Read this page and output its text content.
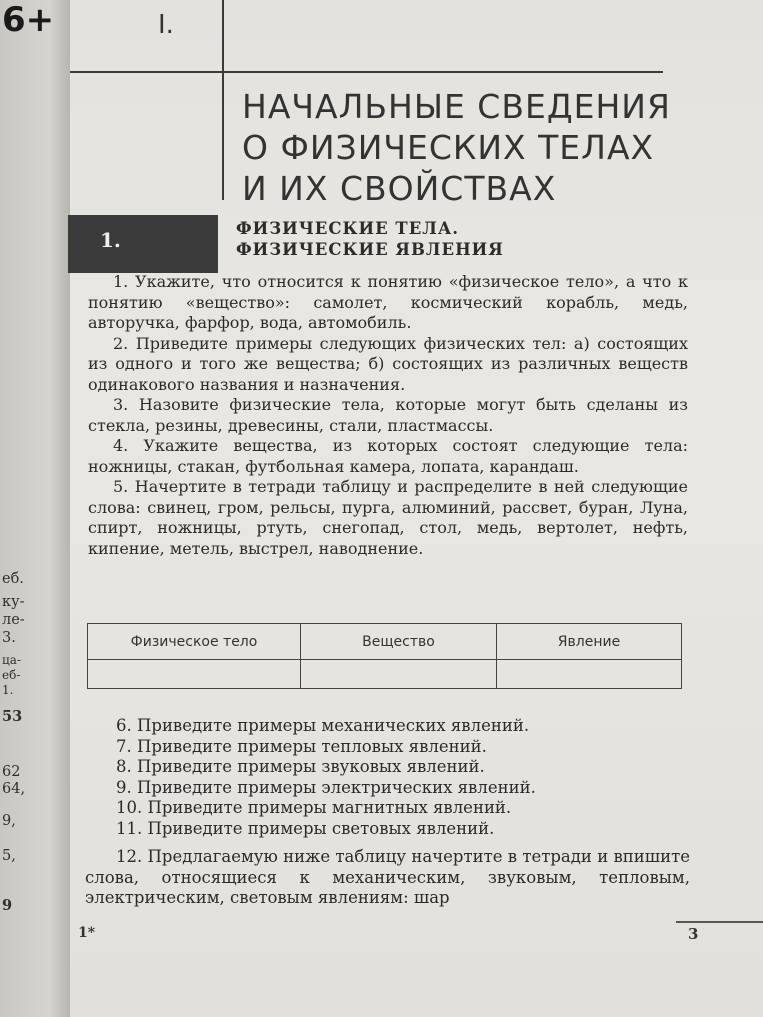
еб.
ку-
ле-
3.
ца-
еб-
1.
53
62
64,
9,
5,
9
6+	I.
НАЧАЛЬНЫЕ СВЕДЕНИЯ
О ФИЗИЧЕСКИХ ТЕЛАХ
И ИХ СВОЙСТВАХ
1.	ФИЗИЧЕСКИЕ ТЕЛА.
ФИЗИЧЕСКИЕ ЯВЛЕНИЯ

1. Укажите, что относится к понятию «физическое тело», а что к понятию «вещество»: самолет, космический корабль, медь, авторучка, фарфор, вода, автомобиль.

2. Приведите примеры следующих физических тел: а) состоящих из одного и того же вещества; б) состоящих из различных веществ одинакового названия и назначения.

3. Назовите физические тела, которые могут быть сделаны из стекла, резины, древесины, стали, пластмассы.

4. Укажите вещества, из которых состоят следующие тела: ножницы, стакан, футбольная камера, лопата, карандаш.

5. Начертите в тетради таблицу и распределите в ней следующие слова: свинец, гром, рельсы, пурга, алюминий, рассвет, буран, Луна, спирт, ножницы, ртуть, снегопад, стол, медь, вертолет, нефть, кипение, метель, выстрел, наводнение.

Физическое тело	Вещество	Явление

6. Приведите примеры механических явлений.
7. Приведите примеры тепловых явлений.
8. Приведите примеры звуковых явлений.
9. Приведите примеры электрических явлений.
10. Приведите примеры магнитных явлений.
11. Приведите примеры световых явлений.

12. Предлагаемую ниже таблицу начертите в тетради и впишите слова, относящиеся к механическим, звуковым, тепловым, электрическим, световым явлениям: шар

1*	3
